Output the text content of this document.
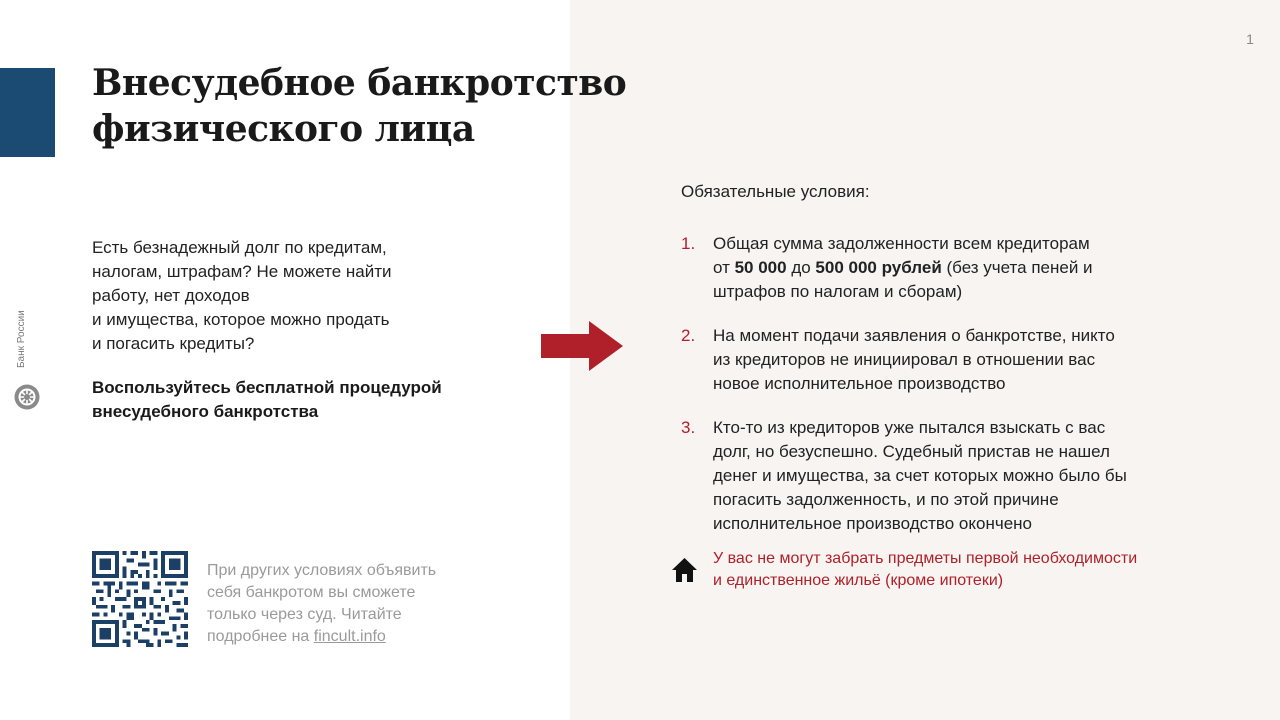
1
Банк России
Внесудебное банкротство
физического лица
Есть безнадежный долг по кредитам,
налогам, штрафам? Не можете найти
работу, нет доходов
и имущества, которое можно продать
и погасить кредиты?
Воспользуйтесь бесплатной процедурой
внесудебного банкротства
При других условиях объявить
себя банкротом вы сможете
только через суд. Читайте
подробнее на fincult.info
Обязательные условия:
1. Общая сумма задолженности всем кредиторам
от 50 000 до 500 000 рублей (без учета пеней и
штрафов по налогам и сборам)
2. На момент подачи заявления о банкротстве, никто
из кредиторов не инициировал в отношении вас
новое исполнительное производство
3. Кто-то из кредиторов уже пытался взыскать с вас
долг, но безуспешно. Судебный пристав не нашел
денег и имущества, за счет которых можно было бы
погасить задолженность, и по этой причине
исполнительное производство окончено
У вас не могут забрать предметы первой необходимости
и единственное жильё (кроме ипотеки)
